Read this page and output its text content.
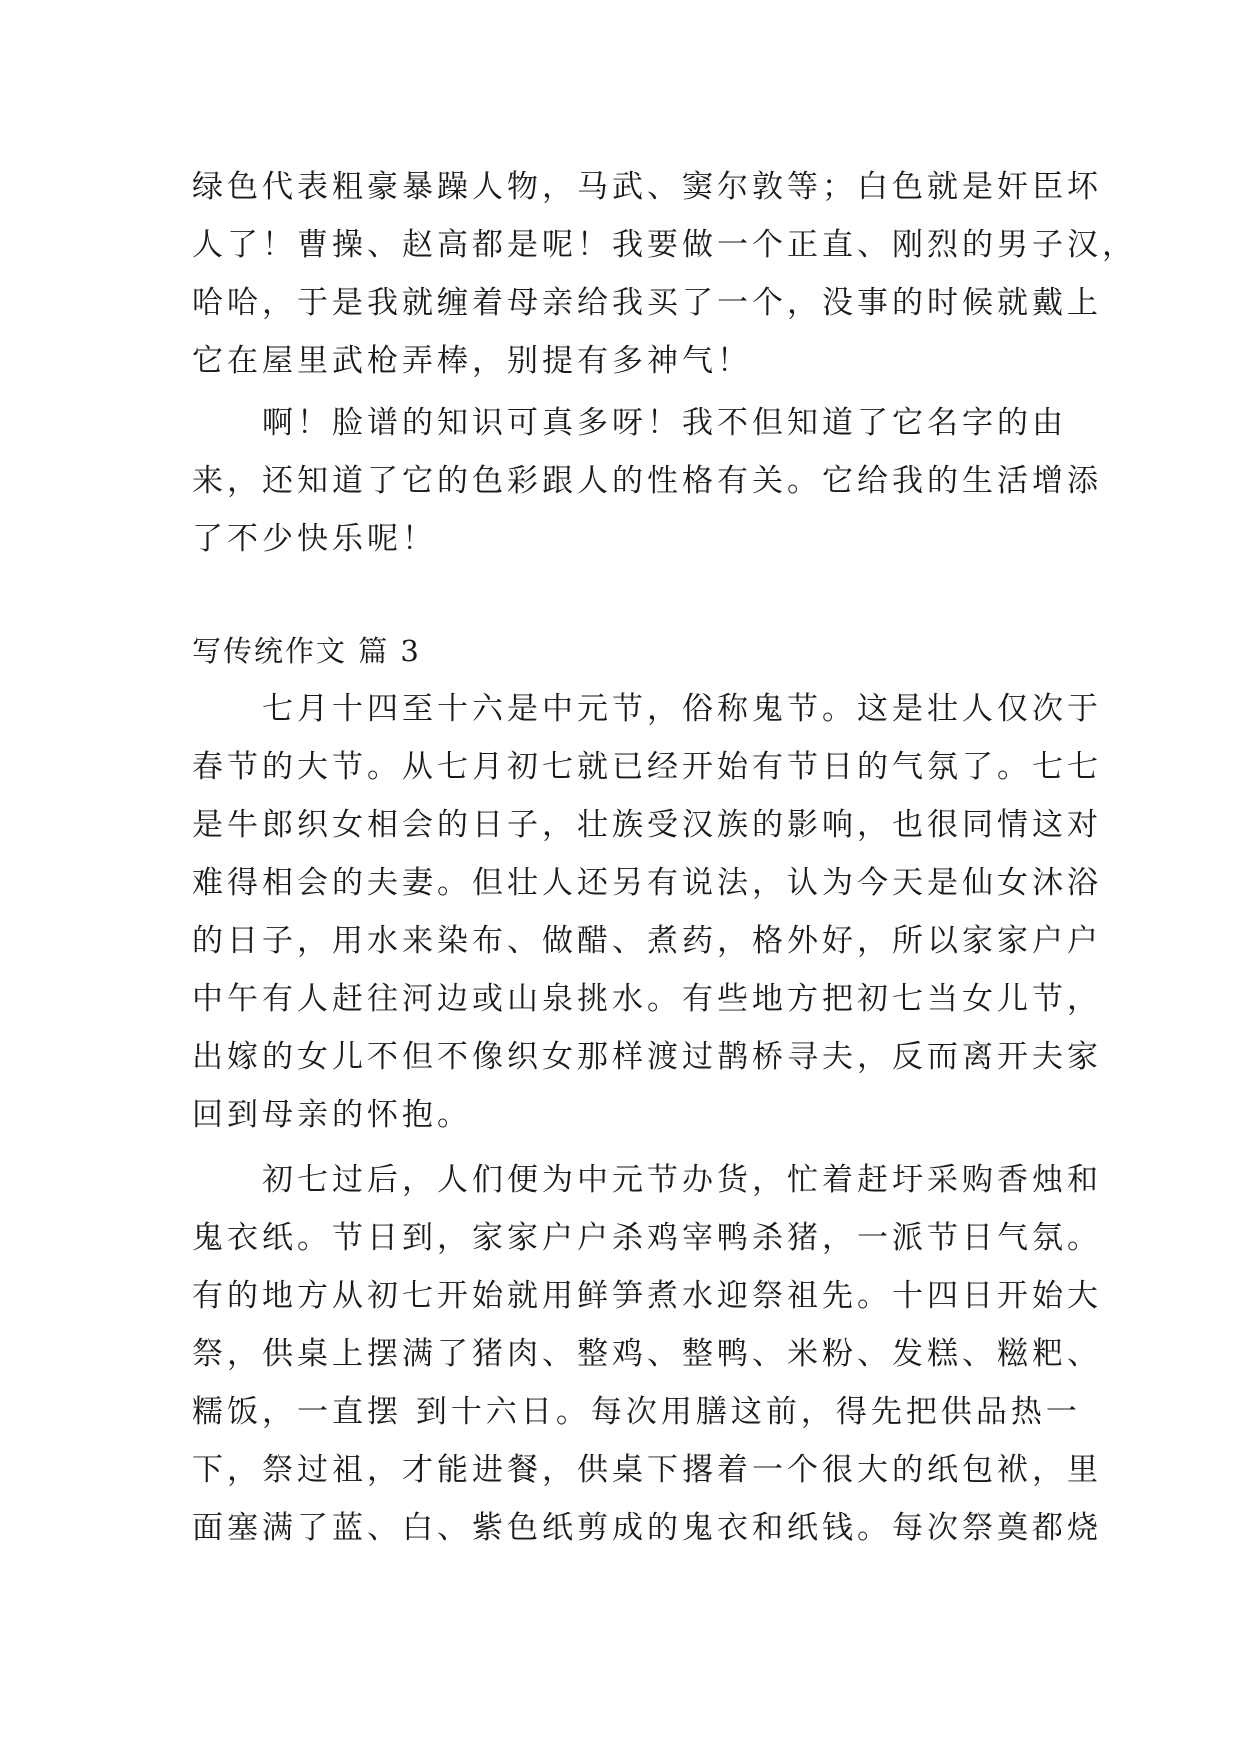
绿色代表粗豪暴躁人物，马武、窦尔敦等；白色就是奸臣坏
人了！曹操、赵高都是呢！我要做一个正直、刚烈的男子汉，
哈哈，于是我就缠着母亲给我买了一个，没事的时候就戴上
它在屋里武枪弄棒，别提有多神气！
　　啊！脸谱的知识可真多呀！我不但知道了它名字的由
来，还知道了它的色彩跟人的性格有关。它给我的生活增添
了不少快乐呢！
写传统作文 篇 3
　　七月十四至十六是中元节，俗称鬼节。这是壮人仅次于
春节的大节。从七月初七就已经开始有节日的气氛了。七七
是牛郎织女相会的日子，壮族受汉族的影响，也很同情这对
难得相会的夫妻。但壮人还另有说法，认为今天是仙女沐浴
的日子，用水来染布、做醋、煮药，格外好，所以家家户户
中午有人赶往河边或山泉挑水。有些地方把初七当女儿节，
出嫁的女儿不但不像织女那样渡过鹊桥寻夫，反而离开夫家
回到母亲的怀抱。
　　初七过后，人们便为中元节办货，忙着赶圩采购香烛和
鬼衣纸。节日到，家家户户杀鸡宰鸭杀猪，一派节日气氛。
有的地方从初七开始就用鲜笋煮水迎祭祖先。十四日开始大
祭，供桌上摆满了猪肉、整鸡、整鸭、米粉、发糕、糍粑、
糯饭，一直摆 到十六日。每次用膳这前，得先把供品热一
下，祭过祖，才能进餐，供桌下撂着一个很大的纸包袱，里
面塞满了蓝、白、紫色纸剪成的鬼衣和纸钱。每次祭奠都烧
